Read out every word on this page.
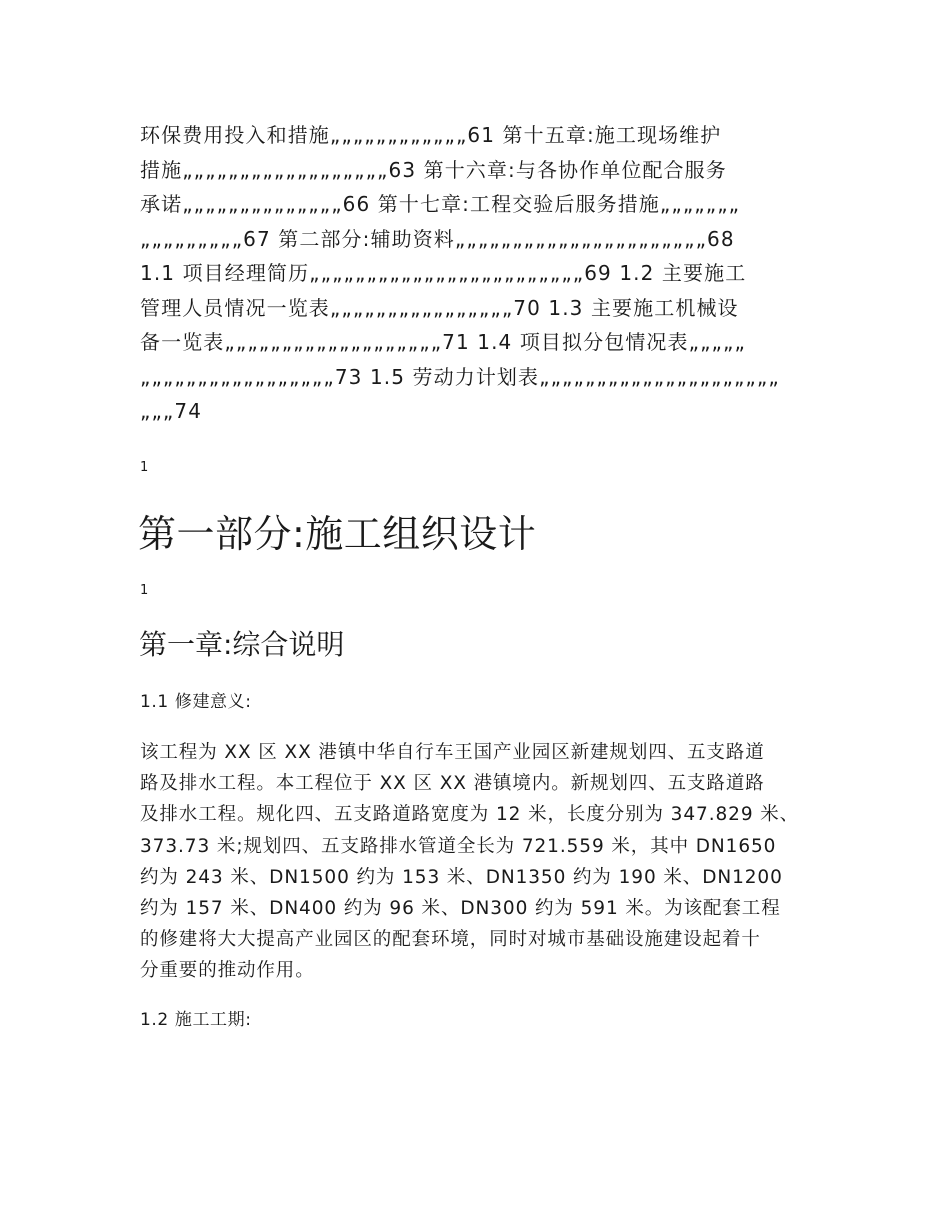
环保费用投入和措施„„„„„„„„„„„„61 第十五章:施工现场维护
措施„„„„„„„„„„„„„„„„„„63 第十六章:与各协作单位配合服务
承诺„„„„„„„„„„„„„„66 第十七章:工程交验后服务措施„„„„„„„
„„„„„„„„„67 第二部分:辅助资料„„„„„„„„„„„„„„„„„„„„„„68
1.1 项目经理简历„„„„„„„„„„„„„„„„„„„„„„„„69 1.2 主要施工
管理人员情况一览表„„„„„„„„„„„„„„„„70 1.3 主要施工机械设
备一览表„„„„„„„„„„„„„„„„„„„71 1.4 项目拟分包情况表„„„„„
„„„„„„„„„„„„„„„„„73 1.5 劳动力计划表„„„„„„„„„„„„„„„„„„„„„
„„„74

1

第一部分:施工组织设计

1

第一章:综合说明

1.1 修建意义:

该工程为 XX 区 XX 港镇中华自行车王国产业园区新建规划四、五支路道
路及排水工程。本工程位于 XX 区 XX 港镇境内。新规划四、五支路道路
及排水工程。规化四、五支路道路宽度为 12 米，长度分别为 347.829 米、
373.73 米;规划四、五支路排水管道全长为 721.559 米，其中 DN1650
约为 243 米、DN1500 约为 153 米、DN1350 约为 190 米、DN1200
约为 157 米、DN400 约为 96 米、DN300 约为 591 米。为该配套工程
的修建将大大提高产业园区的配套环境，同时对城市基础设施建设起着十
分重要的推动作用。

1.2 施工工期:
